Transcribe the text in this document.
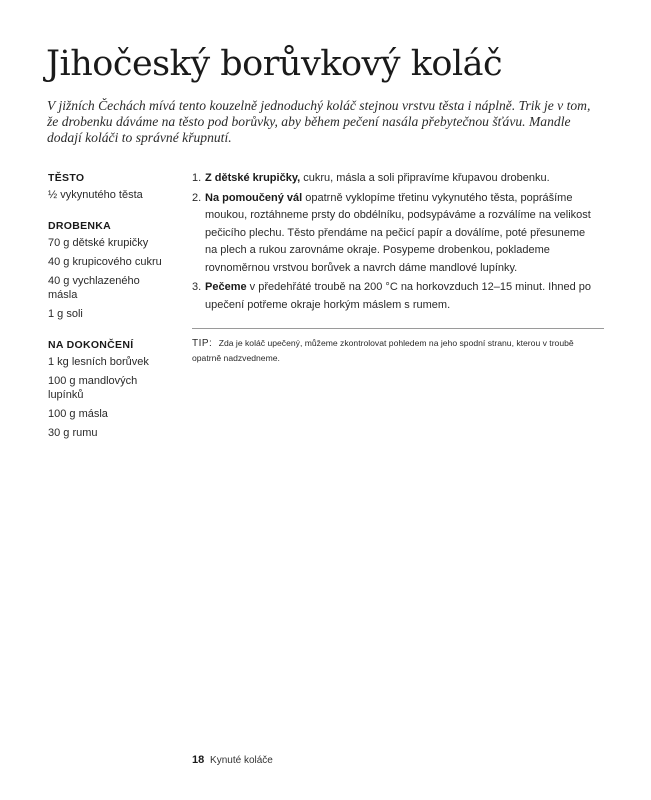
Jihočeský borůvkový koláč

V jižních Čechách mívá tento kouzelně jednoduchý koláč stejnou vrstvu těsta i náplně. Trik je v tom, že drobenku dáváme na těsto pod borůvky, aby během pečení nasála přebytečnou šťávu. Mandle dodají koláči to správné křupnutí.

TĚSTO
½ vykynutého těsta
DROBENKA
70 g dětské krupičky
40 g krupicového cukru
40 g vychlazeného másla
1 g soli
NA DOKONČENÍ
1 kg lesních borůvek
100 g mandlových lupínků
100 g másla
30 g rumu
1. Z dětské krupičky, cukru, másla a soli připravíme křupavou drobenku.
2. Na pomoučený vál opatrně vyklopíme třetinu vykynutého těsta, poprášíme moukou, roztáhneme prsty do obdélníku, podsypáváme a rozválíme na velikost pečicího plechu. Těsto přendáme na pečicí papír a doválíme, poté přesuneme na plech a rukou zarovnáme okraje. Posypeme drobenkou, poklademe rovnoměrnou vrstvou borůvek a navrch dáme mandlové lupínky.
3. Pečeme v předehřáté troubě na 200 °C na horkovzduch 12–15 minut. Ihned po upečení potřeme okraje horkým máslem s rumem.
TIP: Zda je koláč upečený, můžeme zkontrolovat pohledem na jeho spodní stranu, kterou v troubě opatrně nadzvedneme.
18 Kynuté koláče
